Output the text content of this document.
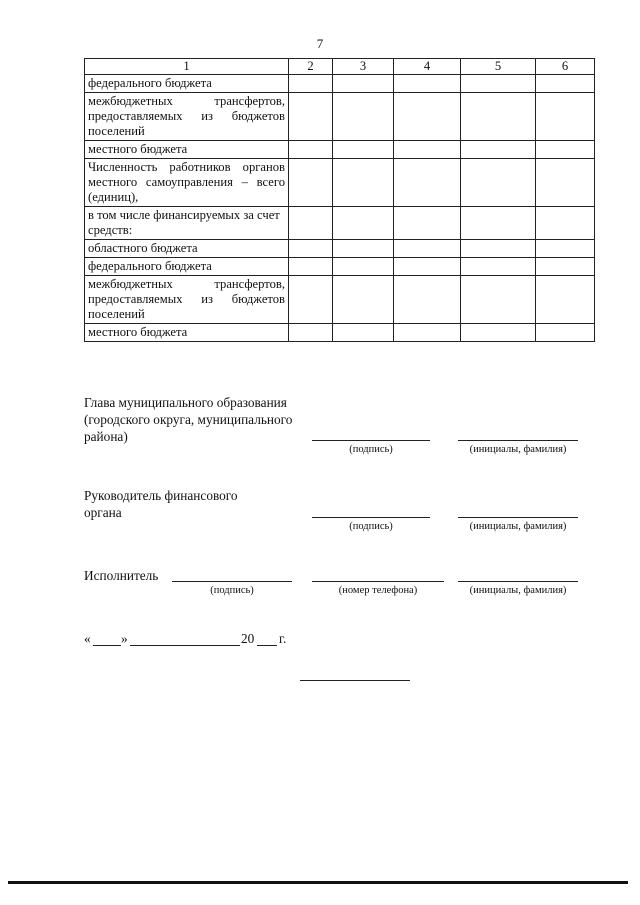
7
1	2	3	4	5	6
федерального бюджета					
межбюджетных трансфертов, предоставляемых из бюджетов поселений					
местного бюджета					
Численность работников органов местного самоуправления – всего (единиц),					
в том числе финансируемых за счет средств:					
областного бюджета					
федерального бюджета					
межбюджетных трансфертов, предоставляемых из бюджетов поселений					
местного бюджета					
Глава муниципального образования (городского округа, муниципального района)
(подпись)	(инициалы, фамилия)
Руководитель финансового органа
(подпись)	(инициалы, фамилия)
Исполнитель
(подпись)	(номер телефона)	(инициалы, фамилия)
« »	20 г.
